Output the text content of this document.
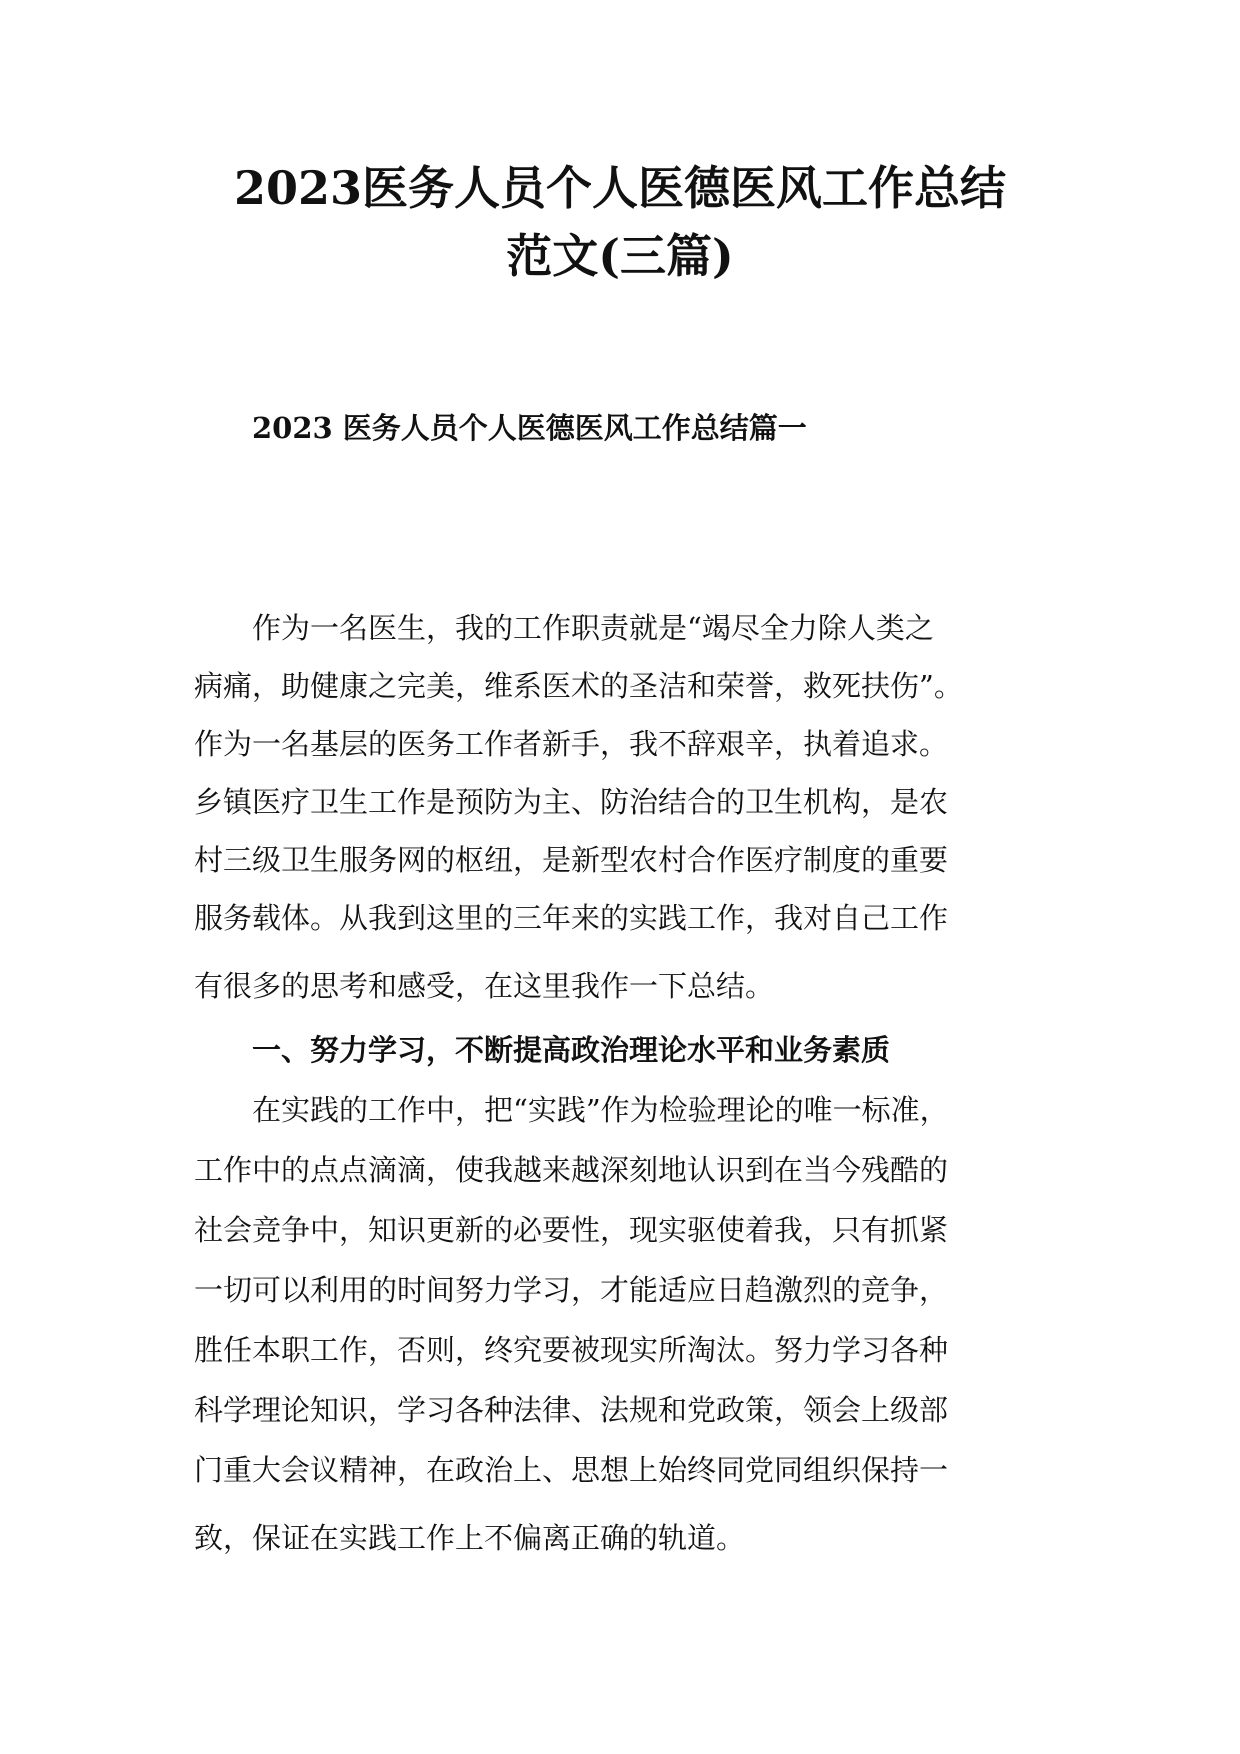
2023医务人员个人医德医风工作总结
范文(三篇)
2023 医务人员个人医德医风工作总结篇一
作为一名医生，我的工作职责就是“竭尽全力除人类之
病痛，助健康之完美，维系医术的圣洁和荣誉，救死扶伤”。
作为一名基层的医务工作者新手，我不辞艰辛，执着追求。
乡镇医疗卫生工作是预防为主、防治结合的卫生机构，是农
村三级卫生服务网的枢纽，是新型农村合作医疗制度的重要
服务载体。从我到这里的三年来的实践工作，我对自己工作
有很多的思考和感受，在这里我作一下总结。
一、努力学习，不断提高政治理论水平和业务素质
在实践的工作中，把“实践”作为检验理论的唯一标准，
工作中的点点滴滴，使我越来越深刻地认识到在当今残酷的
社会竞争中，知识更新的必要性，现实驱使着我，只有抓紧
一切可以利用的时间努力学习，才能适应日趋激烈的竞争，
胜任本职工作，否则，终究要被现实所淘汰。努力学习各种
科学理论知识，学习各种法律、法规和党政策，领会上级部
门重大会议精神，在政治上、思想上始终同党同组织保持一
致，保证在实践工作上不偏离正确的轨道。
